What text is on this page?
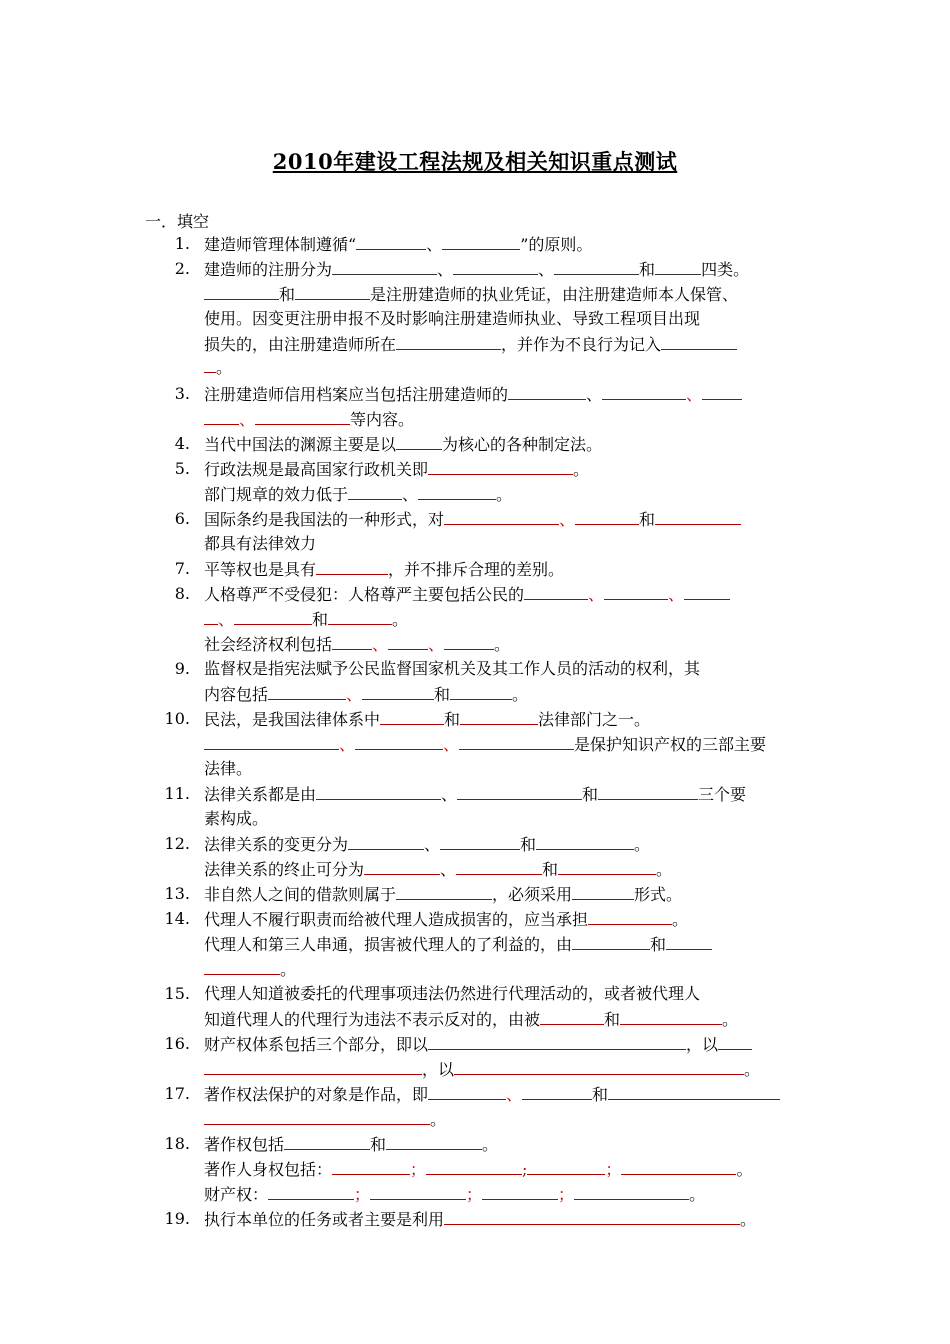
2010年建设工程法规及相关知识重点测试
一．填空
1. 建造师管理体制遵循“	、	”的原则。
2. 建造师的注册分为	、	、	和	四类。
和	是注册建造师的执业凭证，由注册建造师本人保管、
使用。因变更注册申报不及时影响注册建造师执业、导致工程项目出现
损失的，由注册建造师所在	，并作为不良行为记入
。
3. 注册建造师信用档案应当包括注册建造师的	、	、
、	等内容。
4. 当代中国法的渊源主要是以	为核心的各种制定法。
5. 行政法规是最高国家行政机关即	。
部门规章的效力低于	、	。
6. 国际条约是我国法的一种形式，对	、	和
都具有法律效力
7. 平等权也是具有	，并不排斥合理的差别。
8. 人格尊严不受侵犯：人格尊严主要包括公民的	、	、
、	和	。
社会经济权利包括	、	、	。
9. 监督权是指宪法赋予公民监督国家机关及其工作人员的活动的权利，其
内容包括	、	和	。
10. 民法，是我国法律体系中	和	法律部门之一。
、	、	是保护知识产权的三部主要
法律。
11. 法律关系都是由	、	和	三个要
素构成。
12. 法律关系的变更分为	、	和	。
法律关系的终止可分为	、	和	。
13. 非自然人之间的借款则属于	，必须采用	形式。
14. 代理人不履行职责而给被代理人造成损害的，应当承担	。
代理人和第三人串通，损害被代理人的了利益的，由	和
。
15. 代理人知道被委托的代理事项违法仍然进行代理活动的，或者被代理人
知道代理人的代理行为违法不表示反对的，由被	和	。
16. 财产权体系包括三个部分，即以	，以
，以	。
17. 著作权法保护的对象是作品，即	、	和
。
18. 著作权包括	和	。
著作人身权包括：	；	;	；	。
财产权：	；	；	；	。
19. 执行本单位的任务或者主要是利用	。
